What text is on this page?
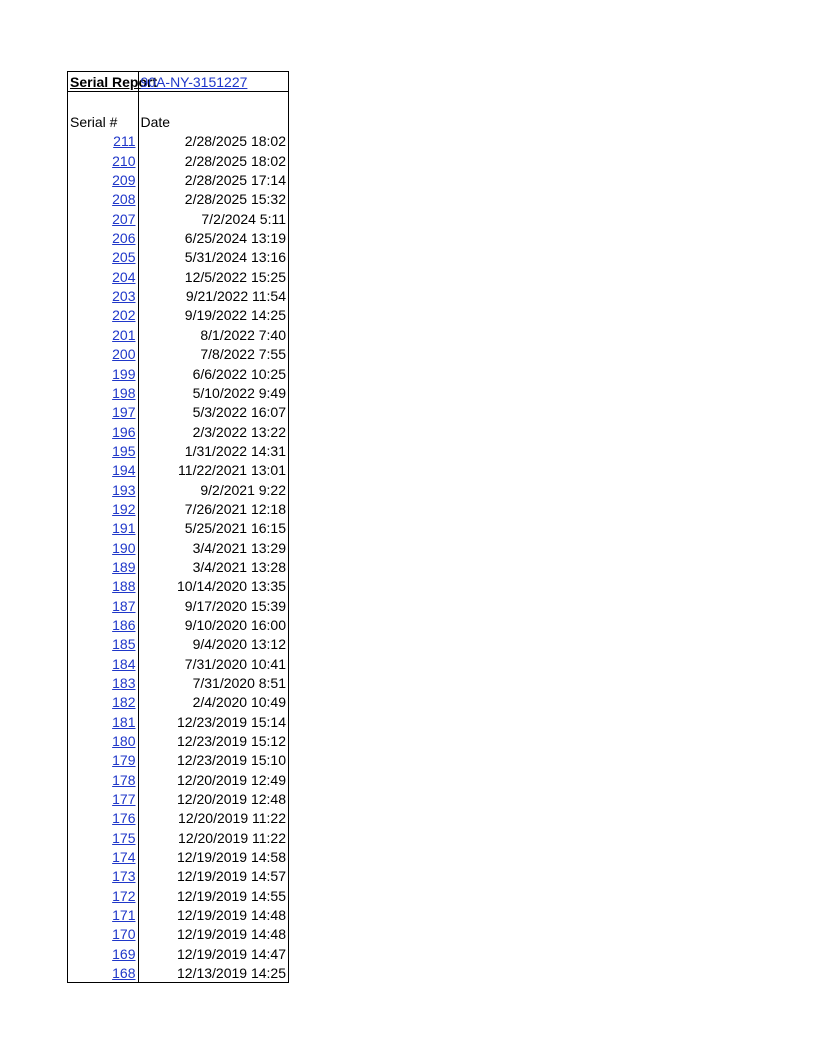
Serial Report	90A-NY-3151227

Serial #	Date
211	2/28/2025 18:02
210	2/28/2025 18:02
209	2/28/2025 17:14
208	2/28/2025 15:32
207	7/2/2024 5:11
206	6/25/2024 13:19
205	5/31/2024 13:16
204	12/5/2022 15:25
203	9/21/2022 11:54
202	9/19/2022 14:25
201	8/1/2022 7:40
200	7/8/2022 7:55
199	6/6/2022 10:25
198	5/10/2022 9:49
197	5/3/2022 16:07
196	2/3/2022 13:22
195	1/31/2022 14:31
194	11/22/2021 13:01
193	9/2/2021 9:22
192	7/26/2021 12:18
191	5/25/2021 16:15
190	3/4/2021 13:29
189	3/4/2021 13:28
188	10/14/2020 13:35
187	9/17/2020 15:39
186	9/10/2020 16:00
185	9/4/2020 13:12
184	7/31/2020 10:41
183	7/31/2020 8:51
182	2/4/2020 10:49
181	12/23/2019 15:14
180	12/23/2019 15:12
179	12/23/2019 15:10
178	12/20/2019 12:49
177	12/20/2019 12:48
176	12/20/2019 11:22
175	12/20/2019 11:22
174	12/19/2019 14:58
173	12/19/2019 14:57
172	12/19/2019 14:55
171	12/19/2019 14:48
170	12/19/2019 14:48
169	12/19/2019 14:47
168	12/13/2019 14:25
